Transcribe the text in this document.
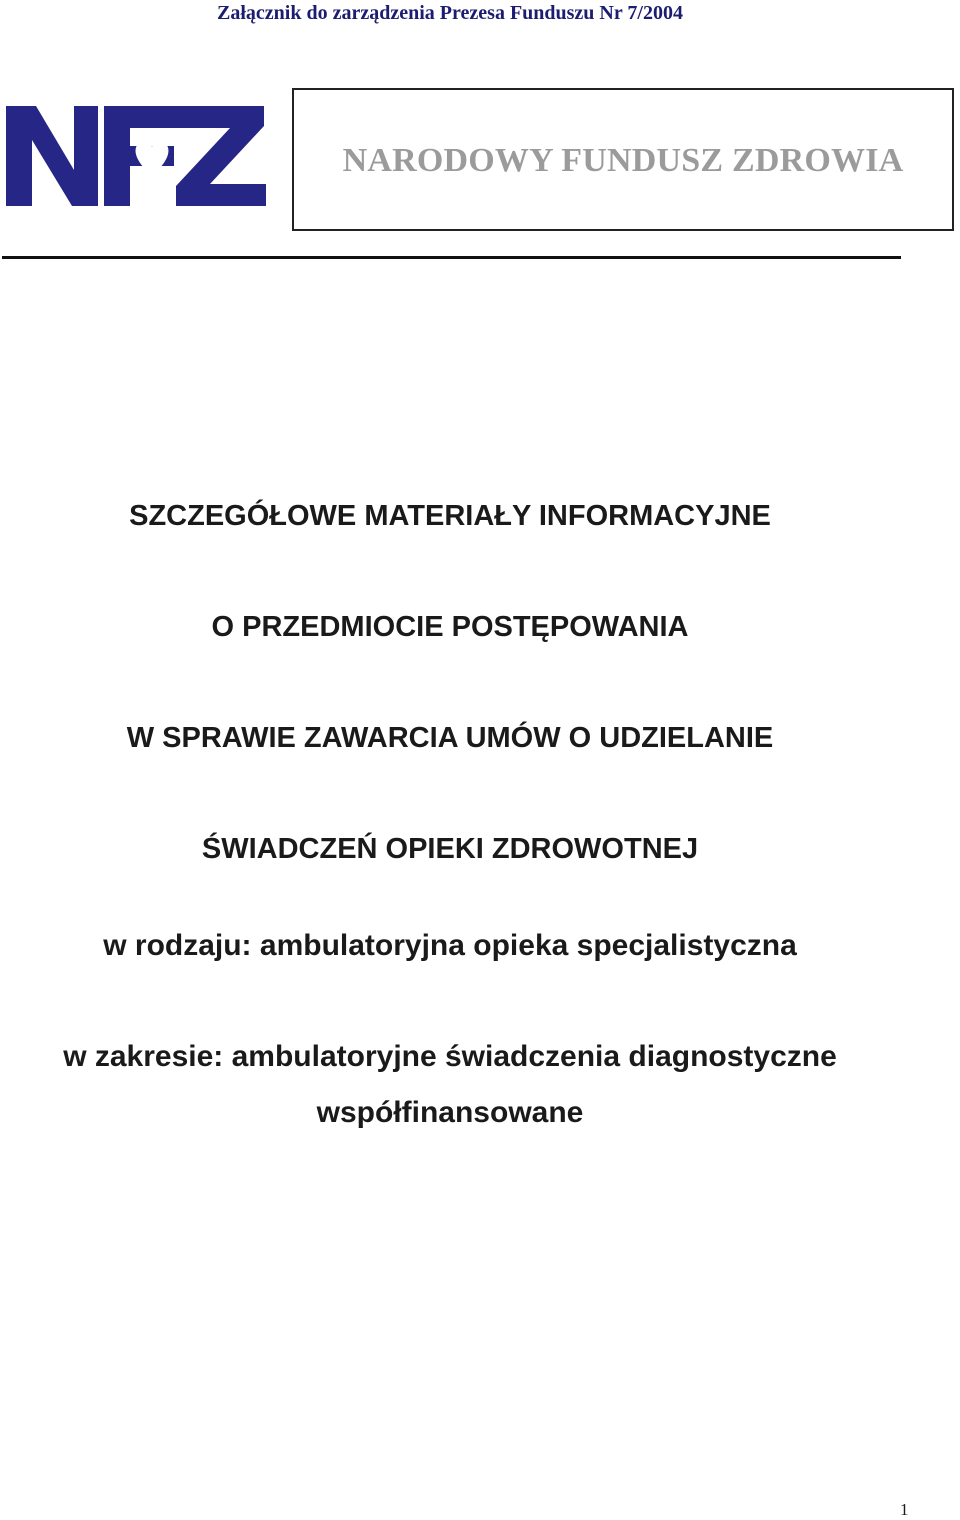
Załącznik do zarządzenia Prezesa Funduszu Nr 7/2004
NARODOWY FUNDUSZ ZDROWIA
SZCZEGÓŁOWE MATERIAŁY INFORMACYJNE
O PRZEDMIOCIE POSTĘPOWANIA
W SPRAWIE ZAWARCIA UMÓW O UDZIELANIE
ŚWIADCZEŃ OPIEKI ZDROWOTNEJ
w rodzaju: ambulatoryjna opieka specjalistyczna
w zakresie: ambulatoryjne świadczenia diagnostyczne
współfinansowane
1
